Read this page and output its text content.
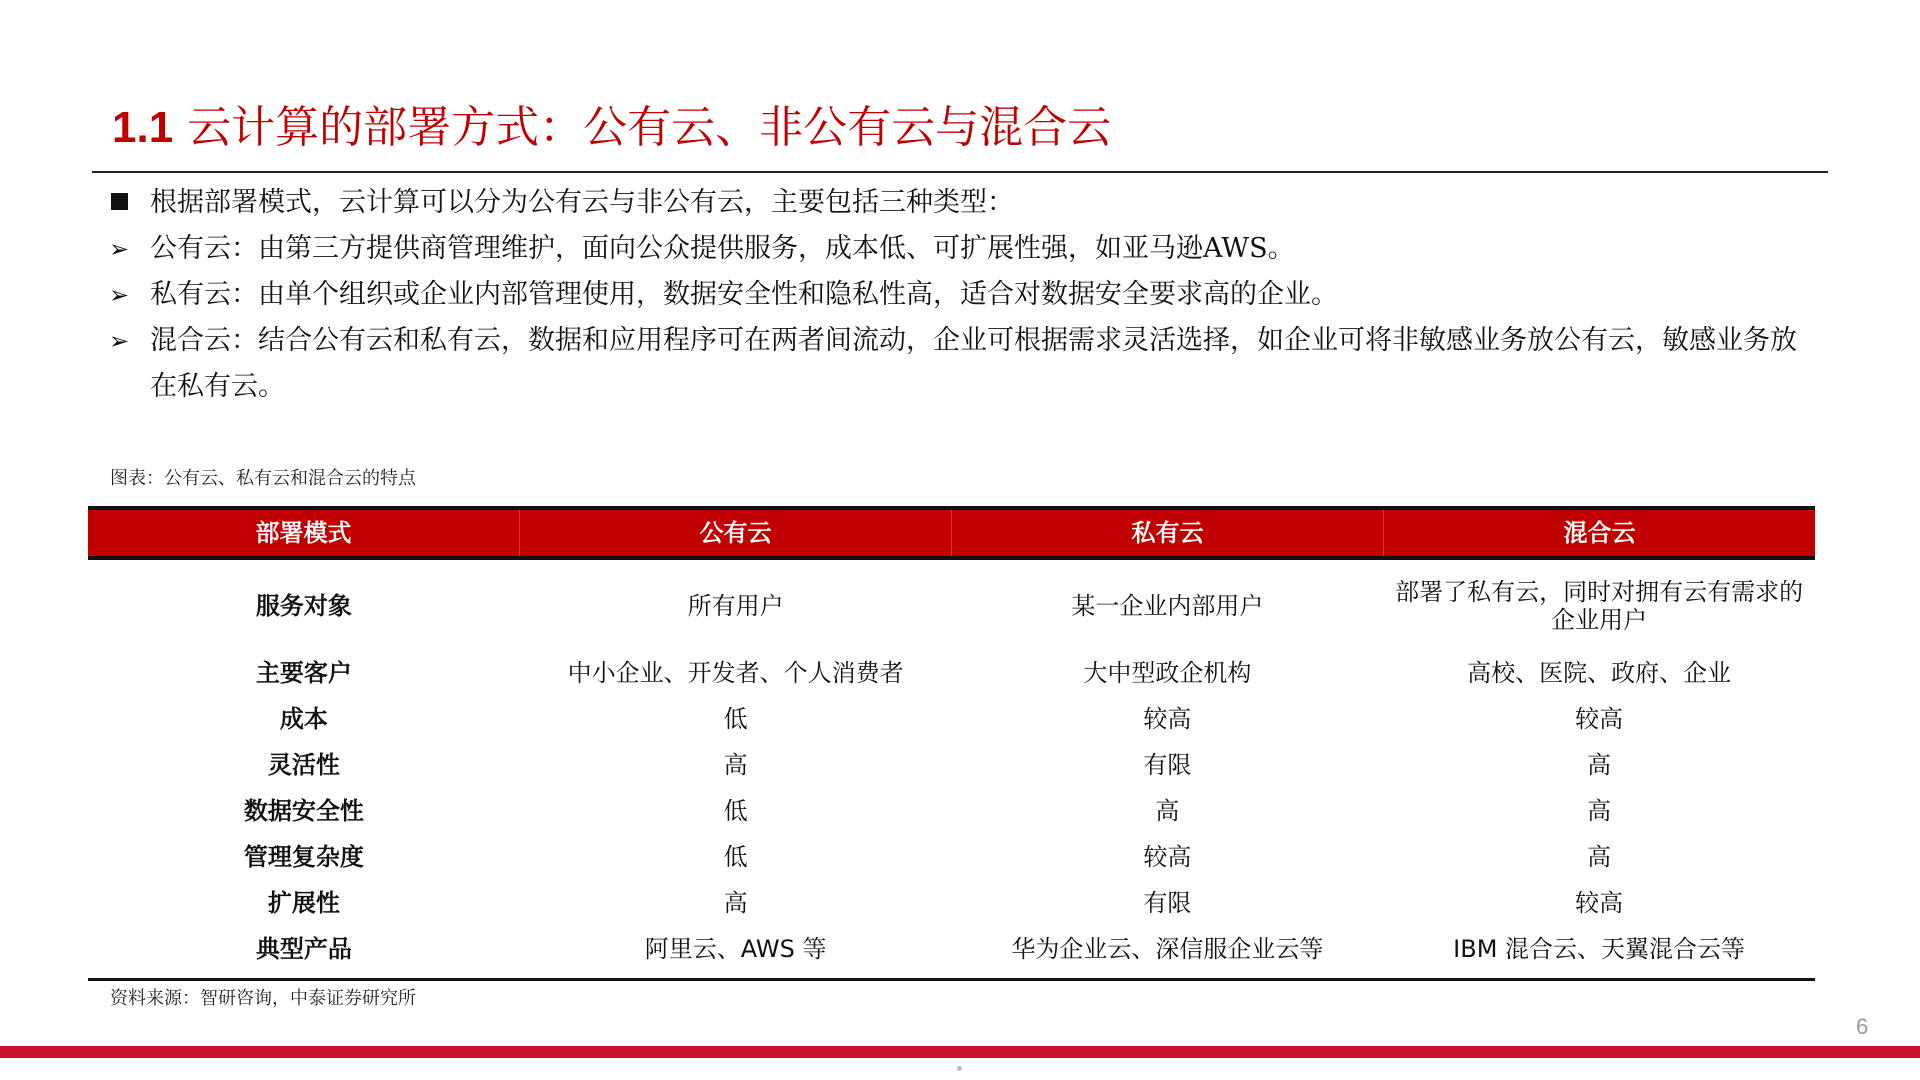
1.1 云计算的部署方式：公有云、非公有云与混合云
根据部署模式，云计算可以分为公有云与非公有云，主要包括三种类型：
➢ 公有云：由第三方提供商管理维护，面向公众提供服务，成本低、可扩展性强，如亚马逊AWS。
➢ 私有云：由单个组织或企业内部管理使用，数据安全性和隐私性高，适合对数据安全要求高的企业。
➢ 混合云：结合公有云和私有云，数据和应用程序可在两者间流动，企业可根据需求灵活选择，如企业可将非敏感业务放公有云，敏感业务放在私有云。
图表：公有云、私有云和混合云的特点
部署模式	公有云	私有云	混合云
服务对象	所有用户	某一企业内部用户	部署了私有云，同时对拥有云有需求的企业用户
主要客户	中小企业、开发者、个人消费者	大中型政企机构	高校、医院、政府、企业
成本	低	较高	较高
灵活性	高	有限	高
数据安全性	低	高	高
管理复杂度	低	较高	高
扩展性	高	有限	较高
典型产品	阿里云、AWS 等	华为企业云、深信服企业云等	IBM 混合云、天翼混合云等
资料来源：智研咨询，中泰证券研究所
6
